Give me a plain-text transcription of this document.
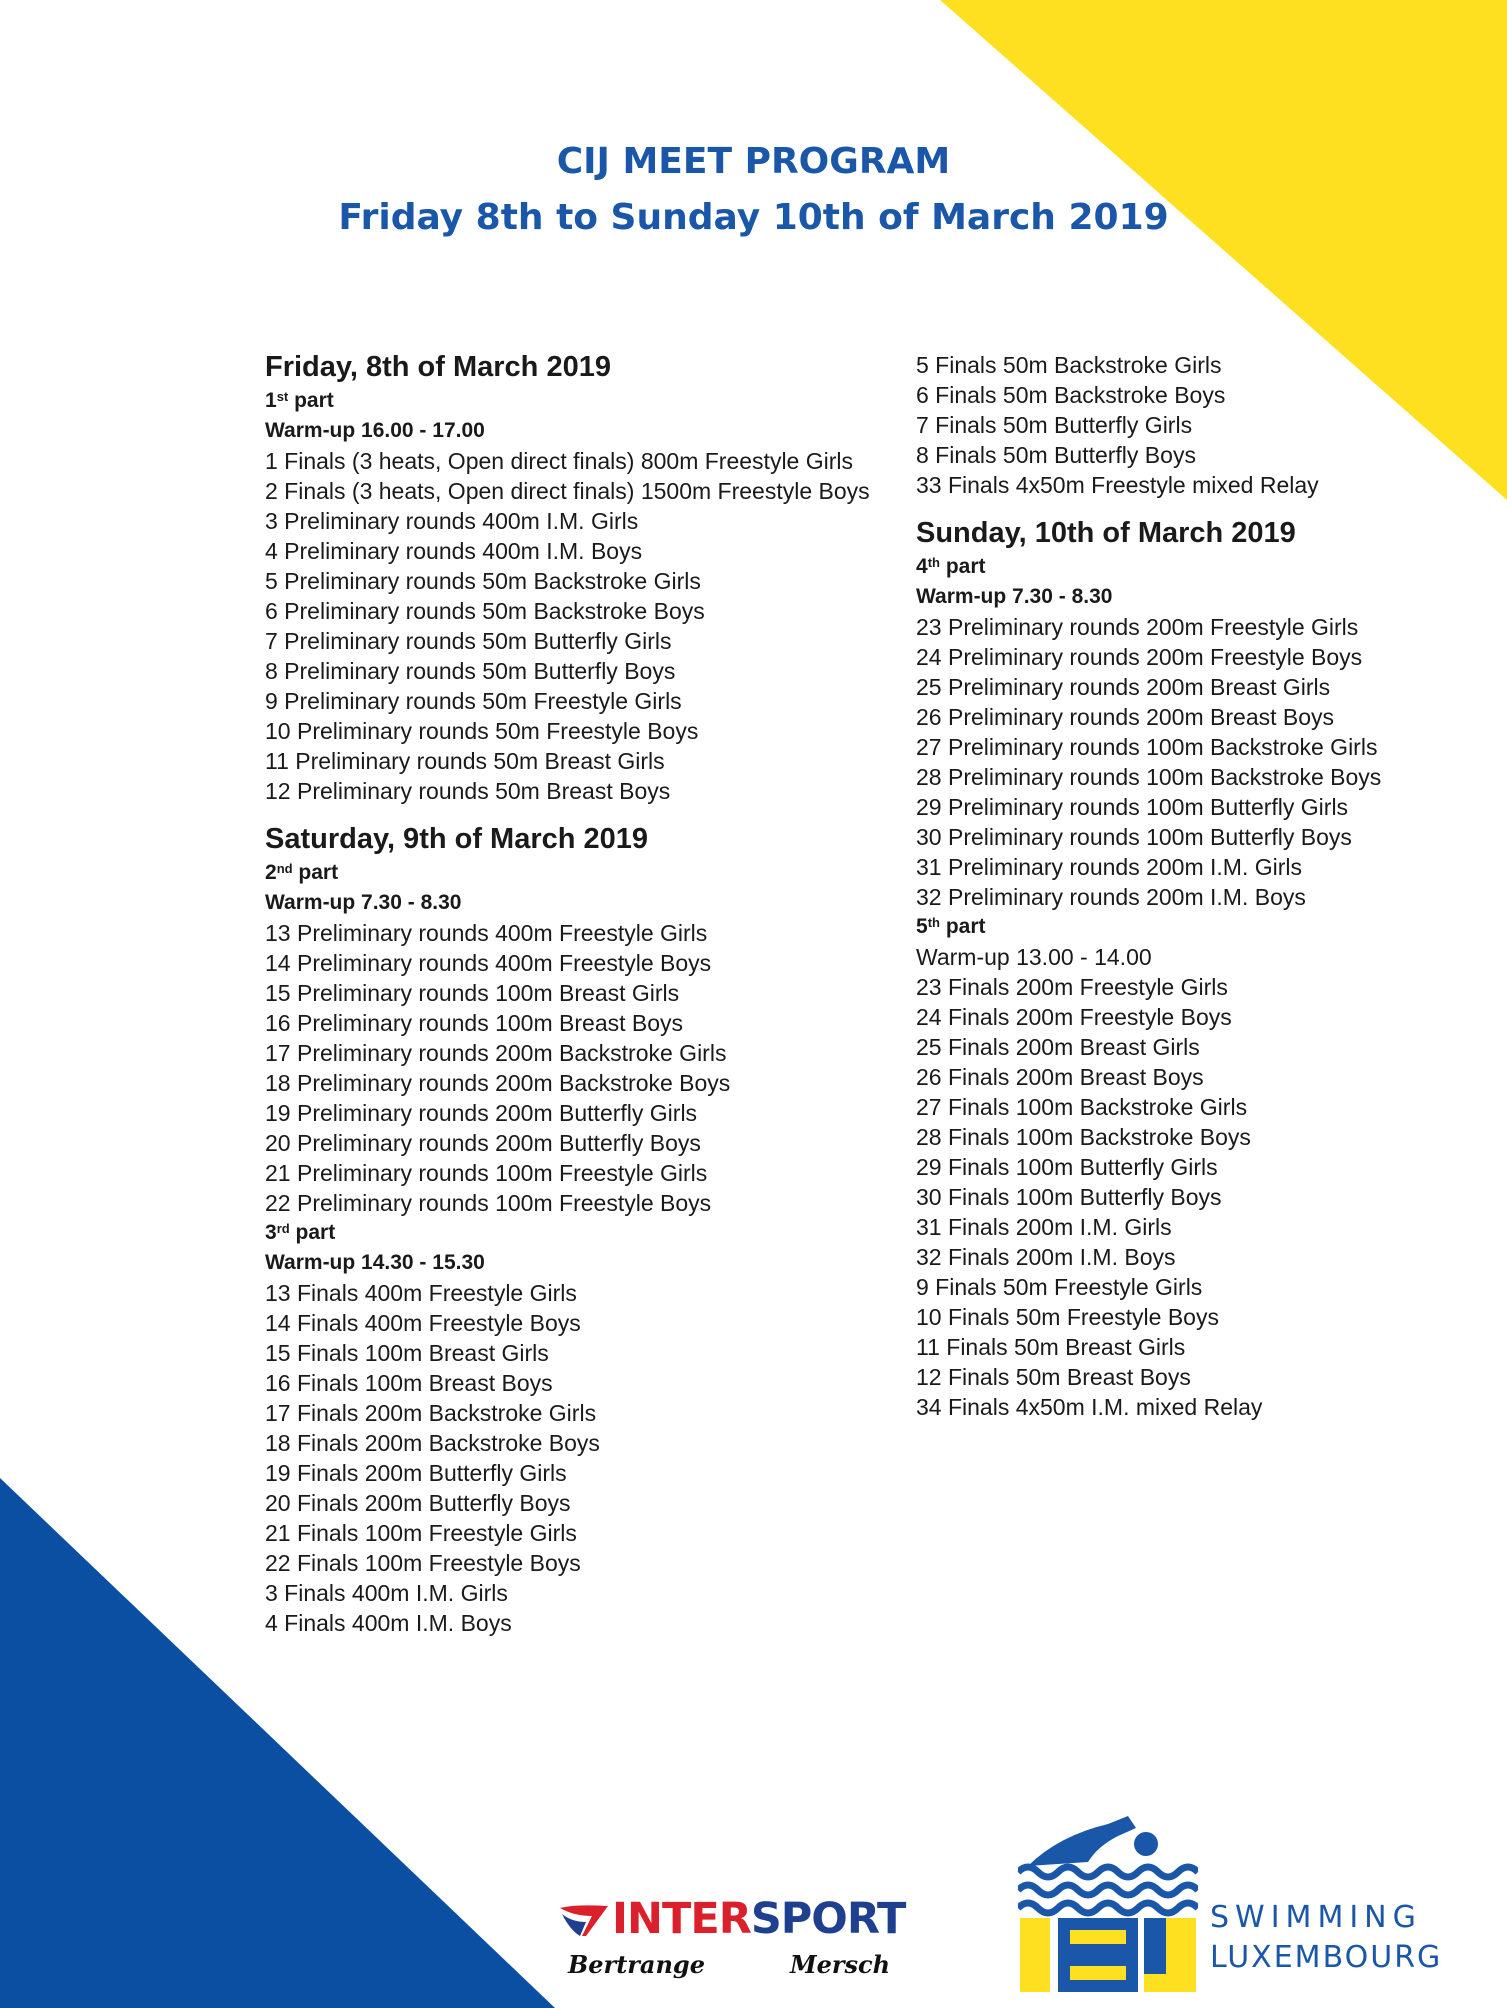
CIJ MEET PROGRAM
Friday 8th to Sunday 10th of March 2019
Friday, 8th of March 2019
1st part
Warm-up 16.00 - 17.00
1 Finals (3 heats, Open direct finals) 800m Freestyle Girls
2 Finals (3 heats, Open direct finals) 1500m Freestyle Boys
3 Preliminary rounds 400m I.M. Girls
4 Preliminary rounds 400m I.M. Boys
5 Preliminary rounds 50m Backstroke Girls
6 Preliminary rounds 50m Backstroke Boys
7 Preliminary rounds 50m Butterfly Girls
8 Preliminary rounds 50m Butterfly Boys
9 Preliminary rounds 50m Freestyle Girls
10 Preliminary rounds 50m Freestyle Boys
11 Preliminary rounds 50m Breast Girls
12 Preliminary rounds 50m Breast Boys
Saturday, 9th of March 2019
2nd part
Warm-up 7.30 - 8.30
13 Preliminary rounds 400m Freestyle Girls
14 Preliminary rounds 400m Freestyle Boys
15 Preliminary rounds 100m Breast Girls
16 Preliminary rounds 100m Breast Boys
17 Preliminary rounds 200m Backstroke Girls
18 Preliminary rounds 200m Backstroke Boys
19 Preliminary rounds 200m Butterfly Girls
20 Preliminary rounds 200m Butterfly Boys
21 Preliminary rounds 100m Freestyle Girls
22 Preliminary rounds 100m Freestyle Boys
3rd part
Warm-up 14.30 - 15.30
13 Finals 400m Freestyle Girls
14 Finals 400m Freestyle Boys
15 Finals 100m Breast Girls
16 Finals 100m Breast Boys
17 Finals 200m Backstroke Girls
18 Finals 200m Backstroke Boys
19 Finals 200m Butterfly Girls
20 Finals 200m Butterfly Boys
21 Finals 100m Freestyle Girls
22 Finals 100m Freestyle Boys
3 Finals 400m I.M. Girls
4 Finals 400m I.M. Boys
5 Finals 50m Backstroke Girls
6 Finals 50m Backstroke Boys
7 Finals 50m Butterfly Girls
8 Finals 50m Butterfly Boys
33 Finals 4x50m Freestyle mixed Relay
Sunday, 10th of March 2019
4th part
Warm-up 7.30 - 8.30
23 Preliminary rounds 200m Freestyle Girls
24 Preliminary rounds 200m Freestyle Boys
25 Preliminary rounds 200m Breast Girls
26 Preliminary rounds 200m Breast Boys
27 Preliminary rounds 100m Backstroke Girls
28 Preliminary rounds 100m Backstroke Boys
29 Preliminary rounds 100m Butterfly Girls
30 Preliminary rounds 100m Butterfly Boys
31 Preliminary rounds 200m I.M. Girls
32 Preliminary rounds 200m I.M. Boys
5th part
Warm-up 13.00 - 14.00
23 Finals 200m Freestyle Girls
24 Finals 200m Freestyle Boys
25 Finals 200m Breast Girls
26 Finals 200m Breast Boys
27 Finals 100m Backstroke Girls
28 Finals 100m Backstroke Boys
29 Finals 100m Butterfly Girls
30 Finals 100m Butterfly Boys
31 Finals 200m I.M. Girls
32 Finals 200m I.M. Boys
9 Finals 50m Freestyle Girls
10 Finals 50m Freestyle Boys
11 Finals 50m Breast Girls
12 Finals 50m Breast Boys
34 Finals 4x50m I.M. mixed Relay
INTERSPORT
Bertrange	Mersch
SWIMMING
LUXEMBOURG
